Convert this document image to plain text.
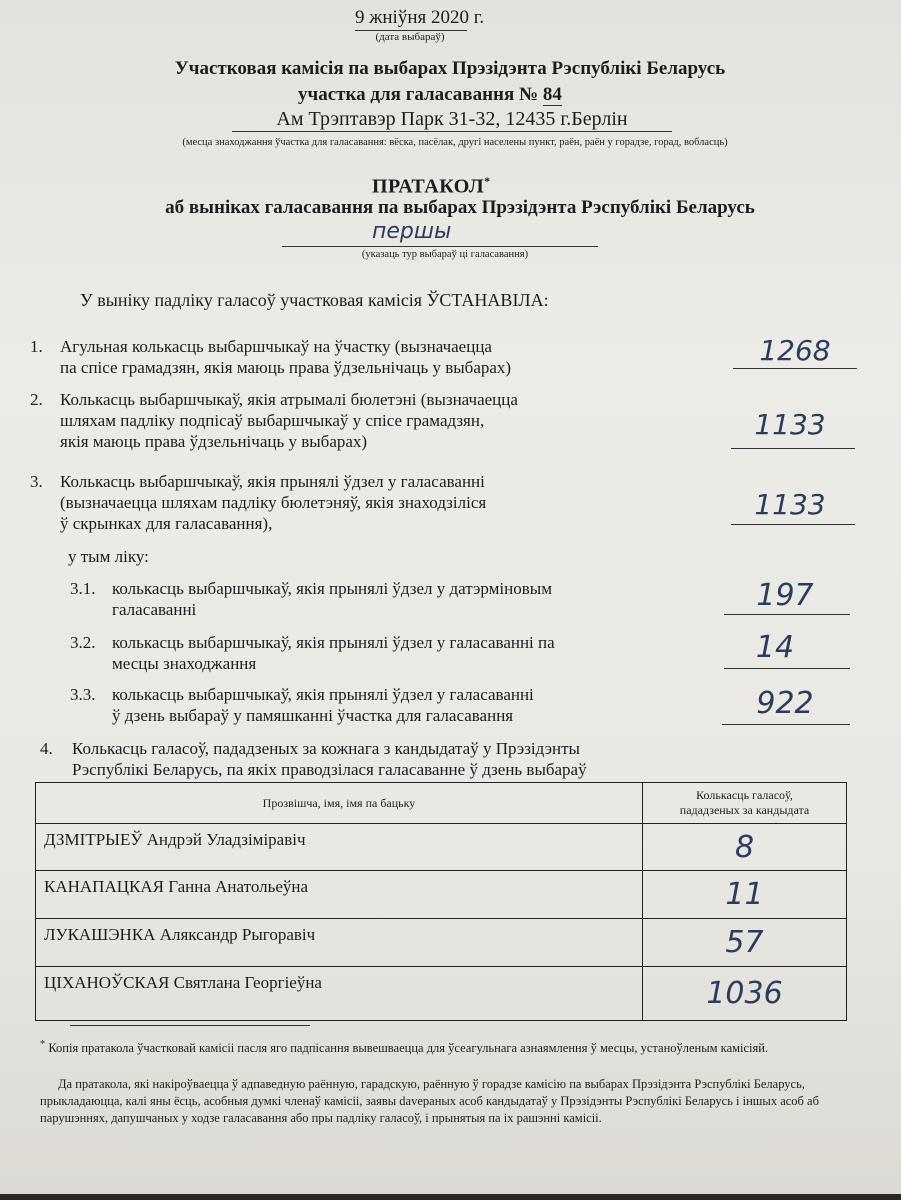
9 жніўня 2020 г.
(дата выбараў)
Участковая камісія па выбарах Прэзідэнта Рэспублікі Беларусь
участка для галасавання № 84
Ам Трэптавэр Парк 31-32, 12435 г.Берлін
(месца знаходжання ўчастка для галасавання: вёска, пасёлак, другі населены пункт, раён, раён у горадзе, горад, вобласць)
ПРАТАКОЛ*
аб выніках галасавання па выбарах Прэзідэнта Рэспублікі Беларусь
першы
(указаць тур выбараў ці галасавання)
У выніку падліку галасоў участковая камісія ЎСТАНАВІЛА:
1. Агульная колькасць выбаршчыкаў на ўчастку (вызначаецца
па спісе грамадзян, якія маюць права ўдзельнічаць у выбарах)
1268
2. Колькасць выбаршчыкаў, якія атрымалі бюлетэні (вызначаецца
шляхам падліку подпісаў выбаршчыкаў у спісе грамадзян,
якія маюць права ўдзельнічаць у выбарах)
1133
3. Колькасць выбаршчыкаў, якія прынялі ўдзел у галасаванні
(вызначаецца шляхам падліку бюлетэняў, якія знаходзіліся
ў скрынках для галасавання),
1133
у тым ліку:
3.1. колькасць выбаршчыкаў, якія прынялі ўдзел у датэрміновым
галасаванні	197
3.2. колькасць выбаршчыкаў, якія прынялі ўдзел у галасаванні па
месцы знаходжання	14
3.3. колькасць выбаршчыкаў, якія прынялі ўдзел у галасаванні
ў дзень выбараў у памяшканні ўчастка для галасавання	922
4. Колькасць галасоў, пададзеных за кожнага з кандыдатаў у Прэзідэнты
Рэспублікі Беларусь, па якіх праводзілася галасаванне ў дзень выбараў
Прозвішча, імя, імя па бацьку	Колькасць галасоў,
пададзеных за кандыдата

ДЗМІТРЫЕЎ Андрэй Уладзіміравіч	8
КАНАПАЦКАЯ Ганна Анатольеўна	11
ЛУКАШЭНКА Аляксандр Рыгоравіч	57
ЦІХАНОЎСКАЯ Святлана Георгіеўна	1036
* Копія пратакола ўчастковай камісіі пасля яго падпісання вывешваецца для ўсеагульнага азнаямлення ў месцы, устаноўленым камісіяй.
Да пратакола, які накіроўваецца ў адпаведную раённую, гарадскую, раённую ў горадзе камісію па выбарах Прэзідэнта Рэспублікі Беларусь, прыкладаюцца, калі яны ёсць, асобныя думкі членаў камісіі, заявы davераных асоб кандыдатаў у Прэзідэнты Рэспублікі Беларусь і іншых асоб аб парушэннях, дапушчаных у ходзе галасавання або пры падліку галасоў, і прынятыя па іх рашэнні камісіі.
